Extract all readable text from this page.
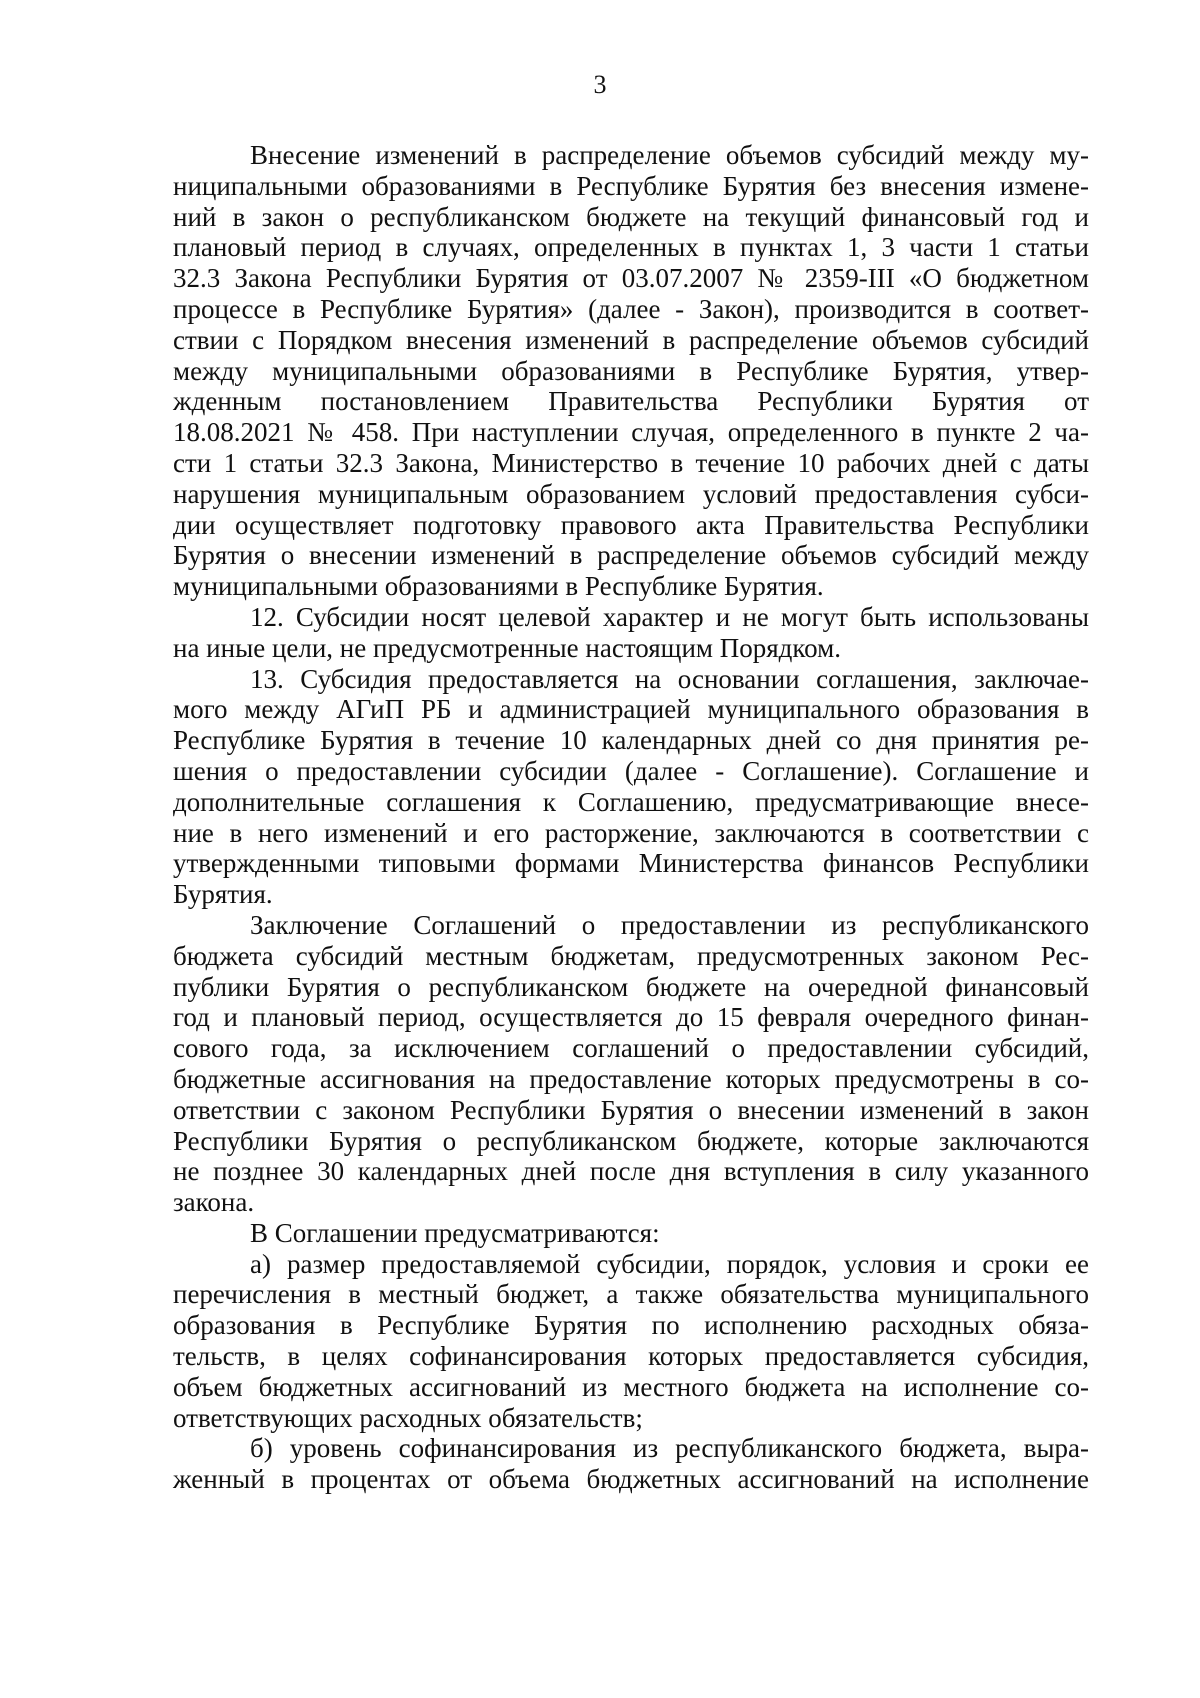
3
Внесение изменений в распределение объемов субсидий между му-
ниципальными образованиями в Республике Бурятия без внесения измене-
ний в закон о республиканском бюджете на текущий финансовый год и
плановый период в случаях, определенных в пунктах 1, 3 части 1 статьи
32.3 Закона Республики Бурятия от 03.07.2007 № 2359-III «О бюджетном
процессе в Республике Бурятия» (далее - Закон), производится в соответ-
ствии с Порядком внесения изменений в распределение объемов субсидий
между муниципальными образованиями в Республике Бурятия, утвер-
жденным постановлением Правительства Республики Бурятия от
18.08.2021 № 458. При наступлении случая, определенного в пункте 2 ча-
сти 1 статьи 32.3 Закона, Министерство в течение 10 рабочих дней с даты
нарушения муниципальным образованием условий предоставления субси-
дии осуществляет подготовку правового акта Правительства Республики
Бурятия о внесении изменений в распределение объемов субсидий между
муниципальными образованиями в Республике Бурятия.
12. Субсидии носят целевой характер и не могут быть использованы
на иные цели, не предусмотренные настоящим Порядком.
13. Субсидия предоставляется на основании соглашения, заключае-
мого между АГиП РБ и администрацией муниципального образования в
Республике Бурятия в течение 10 календарных дней со дня принятия ре-
шения о предоставлении субсидии (далее - Соглашение). Соглашение и
дополнительные соглашения к Соглашению, предусматривающие внесе-
ние в него изменений и его расторжение, заключаются в соответствии с
утвержденными типовыми формами Министерства финансов Республики
Бурятия.
Заключение Соглашений о предоставлении из республиканского
бюджета субсидий местным бюджетам, предусмотренных законом Рес-
публики Бурятия о республиканском бюджете на очередной финансовый
год и плановый период, осуществляется до 15 февраля очередного финан-
сового года, за исключением соглашений о предоставлении субсидий,
бюджетные ассигнования на предоставление которых предусмотрены в со-
ответствии с законом Республики Бурятия о внесении изменений в закон
Республики Бурятия о республиканском бюджете, которые заключаются
не позднее 30 календарных дней после дня вступления в силу указанного
закона.
В Соглашении предусматриваются:
а) размер предоставляемой субсидии, порядок, условия и сроки ее
перечисления в местный бюджет, а также обязательства муниципального
образования в Республике Бурятия по исполнению расходных обяза-
тельств, в целях софинансирования которых предоставляется субсидия,
объем бюджетных ассигнований из местного бюджета на исполнение со-
ответствующих расходных обязательств;
б) уровень софинансирования из республиканского бюджета, выра-
женный в процентах от объема бюджетных ассигнований на исполнение
